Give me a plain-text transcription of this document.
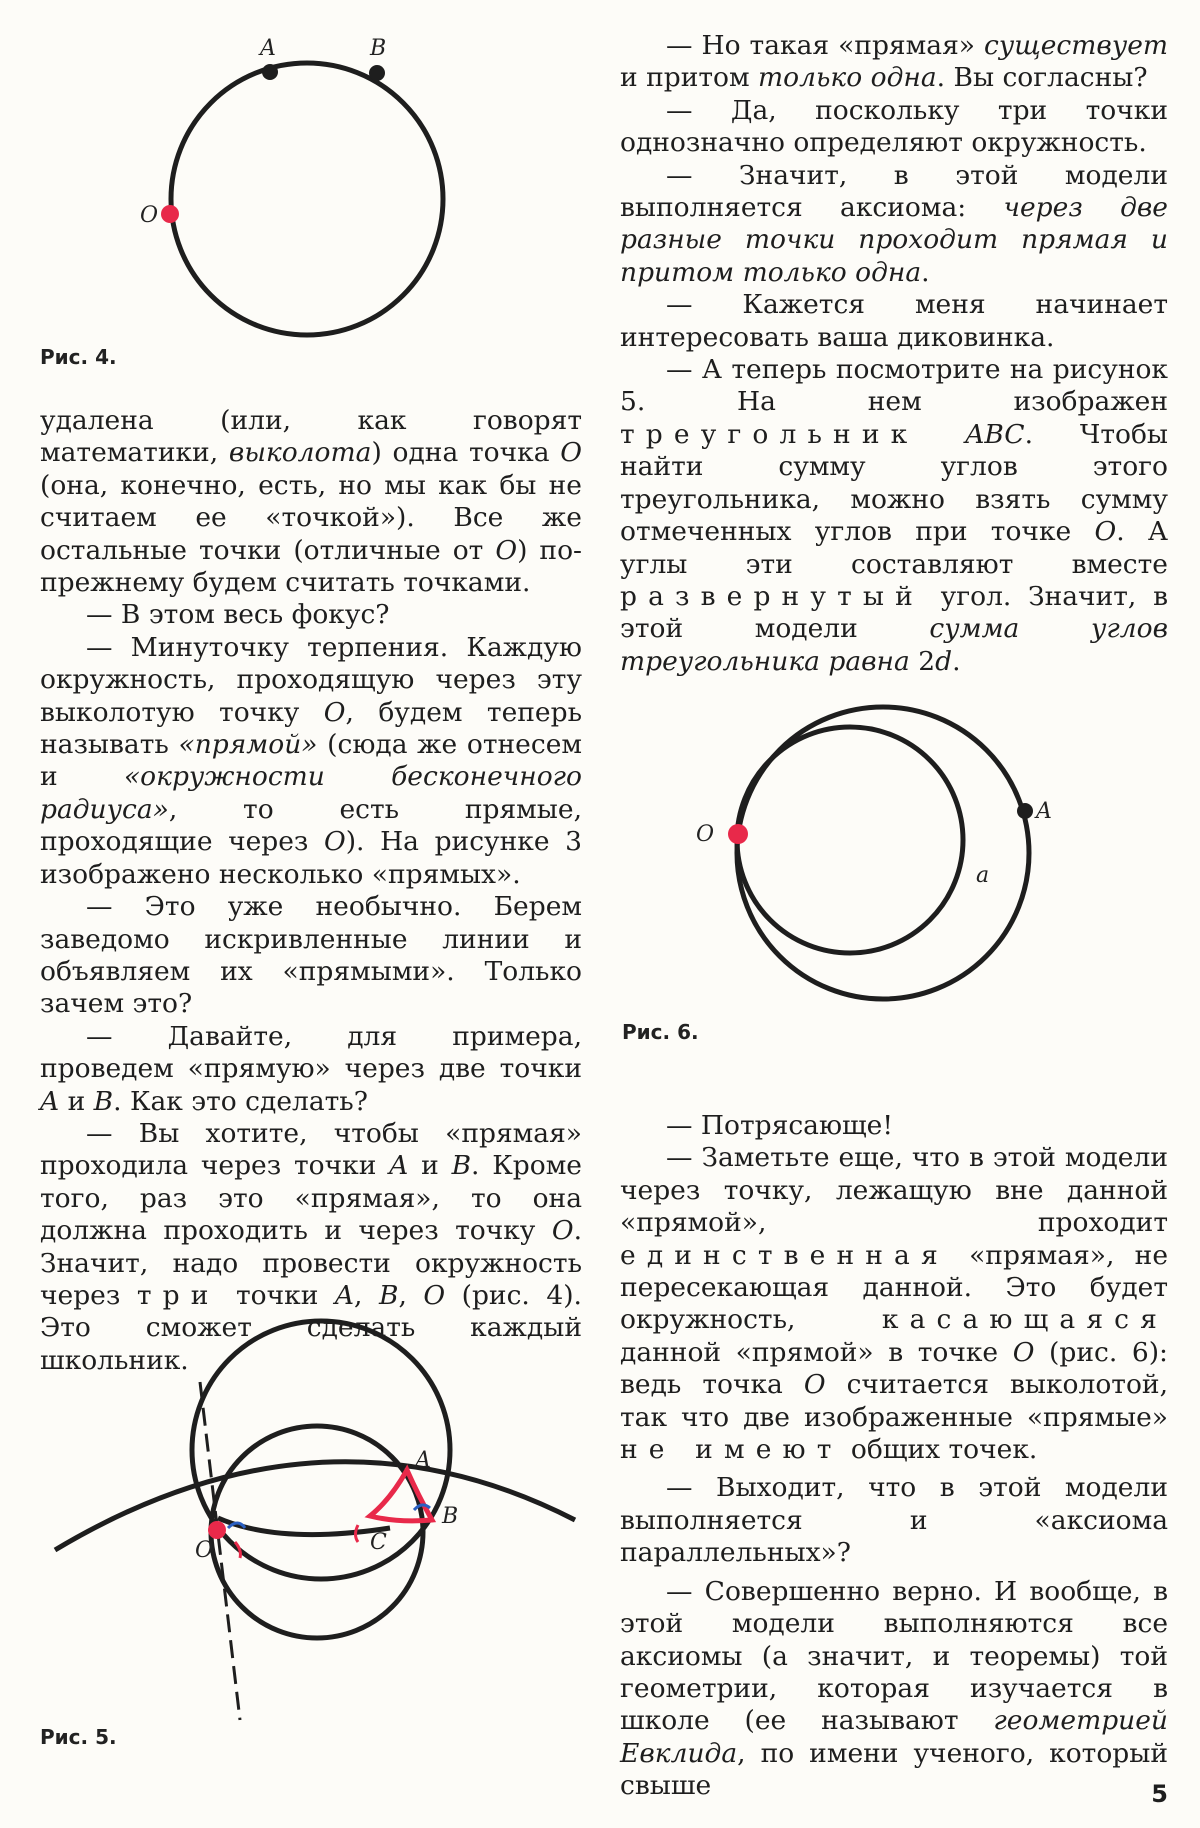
A	B
O
Рис. 4.

удалена (или, как говорят математики, выколота) одна точка O (она, конечно, есть, но мы как бы не считаем ее «точкой»). Все же остальные точки (отличные от O) по-прежнему будем считать точками.

— В этом весь фокус?

— Минуточку терпения. Каждую окружность, проходящую через эту выколотую точку O, будем теперь называть «прямой» (сюда же отнесем и «окружности бесконечного радиуса», то есть прямые, проходящие через O). На рисунке 3 изображено несколько «прямых».

— Это уже необычно. Берем заведомо искривленные линии и объявляем их «прямыми». Только зачем это?

— Давайте, для примера, проведем «прямую» через две точки A и B. Как это сделать?

— Вы хотите, чтобы «прямая» проходила через точки A и B. Кроме того, раз это «прямая», то она должна проходить и через точку O. Значит, надо провести окружность через три точки A, B, O (рис. 4). Это сможет сделать каждый школьник.

O
A
B
C
Рис. 5.

— Но такая «прямая» существует и притом только одна. Вы согласны?

— Да, поскольку три точки однозначно определяют окружность.

— Значит, в этой модели выполняется аксиома: через две разные точки проходит прямая и притом только одна.

— Кажется меня начинает интересовать ваша диковинка.

— А теперь посмотрите на рисунок 5. На нем изображен треугольник ABC. Чтобы найти сумму углов этого треугольника, можно взять сумму отмеченных углов при точке O. А углы эти составляют вместе развернутый угол. Значит, в этой модели сумма углов треугольника равна 2d.

O
A
a
Рис. 6.

— Потрясающе!

— Заметьте еще, что в этой модели через точку, лежащую вне данной «прямой», проходит единственная «прямая», не пересекающая данной. Это будет окружность, касающаяся данной «прямой» в точке O (рис. 6): ведь точка O считается выколотой, так что две изображенные «прямые» не имеют общих точек.

— Выходит, что в этой модели выполняется и «аксиома параллельных»?

— Совершенно верно. И вообще, в этой модели выполняются все аксиомы (а значит, и теоремы) той геометрии, которая изучается в школе (ее называют геометрией Евклида, по имени ученого, который свыше	5
